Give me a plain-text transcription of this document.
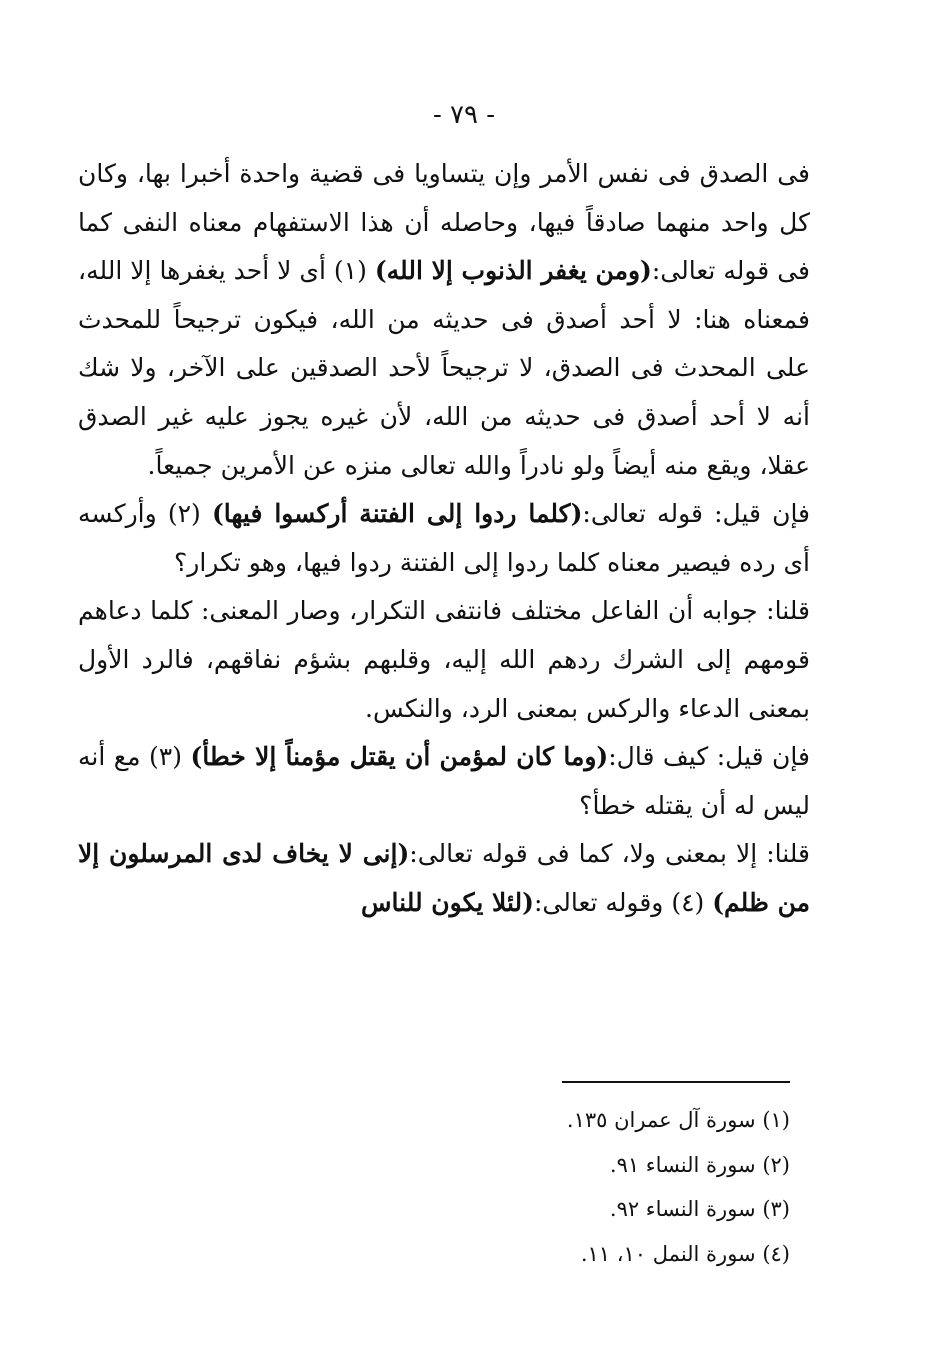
- ٧٩ -

فى الصدق فى نفس الأمر وإن يتساويا فى قضية واحدة أخبرا بها، وكان كل واحد منهما صادقاً فيها، وحاصله أن هذا الاستفهام معناه النفى كما فى قوله تعالى:(ومن يغفر الذنوب إلا الله) (١) أى لا أحد يغفرها إلا الله، فمعناه هنا: لا أحد أصدق فى حديثه من الله، فيكون ترجيحاً للمحدث على المحدث فى الصدق، لا ترجيحاً لأحد الصدقين على الآخر، ولا شك أنه لا أحد أصدق فى حديثه من الله، لأن غيره يجوز عليه غير الصدق عقلا، ويقع منه أيضاً ولو نادراً والله تعالى منزه عن الأمرين جميعاً.

فإن قيل: قوله تعالى:(كلما ردوا إلى الفتنة أركسوا فيها) (٢) وأركسه أى رده فيصير معناه كلما ردوا إلى الفتنة ردوا فيها، وهو تكرار؟

قلنا: جوابه أن الفاعل مختلف فانتفى التكرار، وصار المعنى: كلما دعاهم قومهم إلى الشرك ردهم الله إليه، وقلبهم بشؤم نفاقهم، فالرد الأول بمعنى الدعاء والركس بمعنى الرد، والنكس.

فإن قيل: كيف قال:(وما كان لمؤمن أن يقتل مؤمناً إلا خطأ) (٣) مع أنه ليس له أن يقتله خطأ؟

قلنا: إلا بمعنى ولا، كما فى قوله تعالى:(إنى لا يخاف لدى المرسلون إلا من ظلم) (٤) وقوله تعالى:(لئلا يكون للناس

(١) سورة آل عمران ١٣٥.

(٢) سورة النساء ٩١.

(٣) سورة النساء ٩٢.

(٤) سورة النمل ١٠، ١١.
